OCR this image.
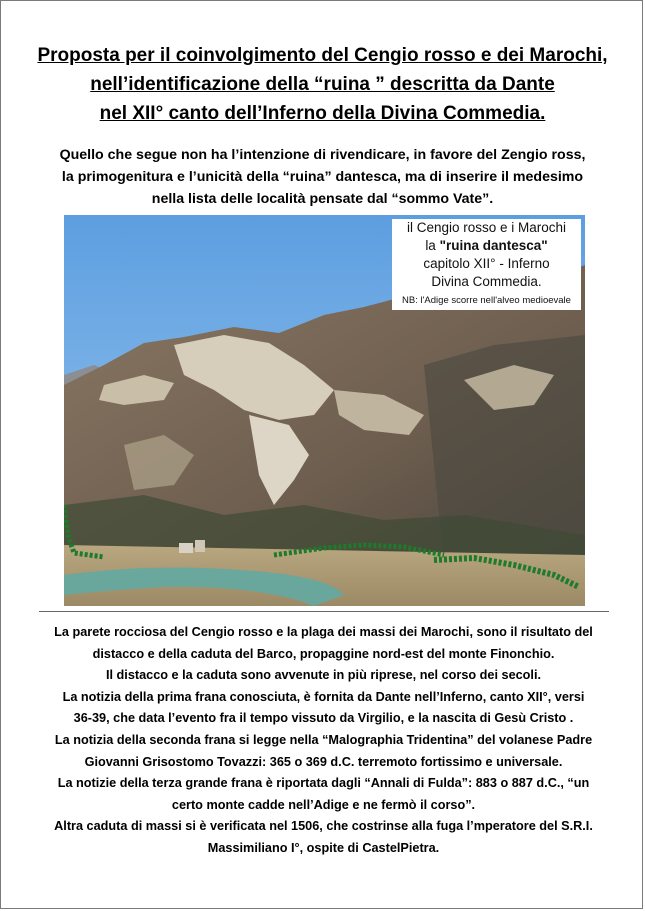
Proposta per il coinvolgimento del Cengio rosso e dei Marochi,
nell’identificazione della “ruina ” descritta da Dante
nel XII° canto dell’Inferno della Divina Commedia.
Quello che segue non ha l’intenzione di rivendicare, in favore del Zengio ross,
la primogenitura e l’unicità della “ruina” dantesca, ma di inserire il medesimo
nella lista delle località pensate dal “sommo Vate”.
il Cengio rosso e i Marochi
la "ruina dantesca"
capitolo XII° - Inferno
Divina Commedia.
NB: l'Adige scorre nell'alveo medioevale
La parete rocciosa del Cengio rosso e la plaga dei massi dei Marochi, sono il risultato del
distacco e della caduta del Barco, propaggine nord-est del monte Finonchio.
Il distacco e la caduta sono avvenute in più riprese, nel corso dei secoli.
La notizia della prima frana conosciuta, è fornita da Dante nell’Inferno, canto XII°, versi
36-39, che data l’evento fra il tempo vissuto da Virgilio, e la nascita di Gesù Cristo .
La notizia della seconda frana si legge nella “Malographia Tridentina” del volanese Padre
Giovanni Grisostomo Tovazzi: 365 o 369 d.C. terremoto fortissimo e universale.
La notizie della terza grande frana è riportata dagli “Annali di Fulda”: 883 o 887 d.C., “un
certo monte cadde nell’Adige e ne fermò il corso”.
Altra caduta di massi si è verificata nel 1506, che costrinse alla fuga l’mperatore del S.R.I.
Massimiliano I°, ospite di CastelPietra.
